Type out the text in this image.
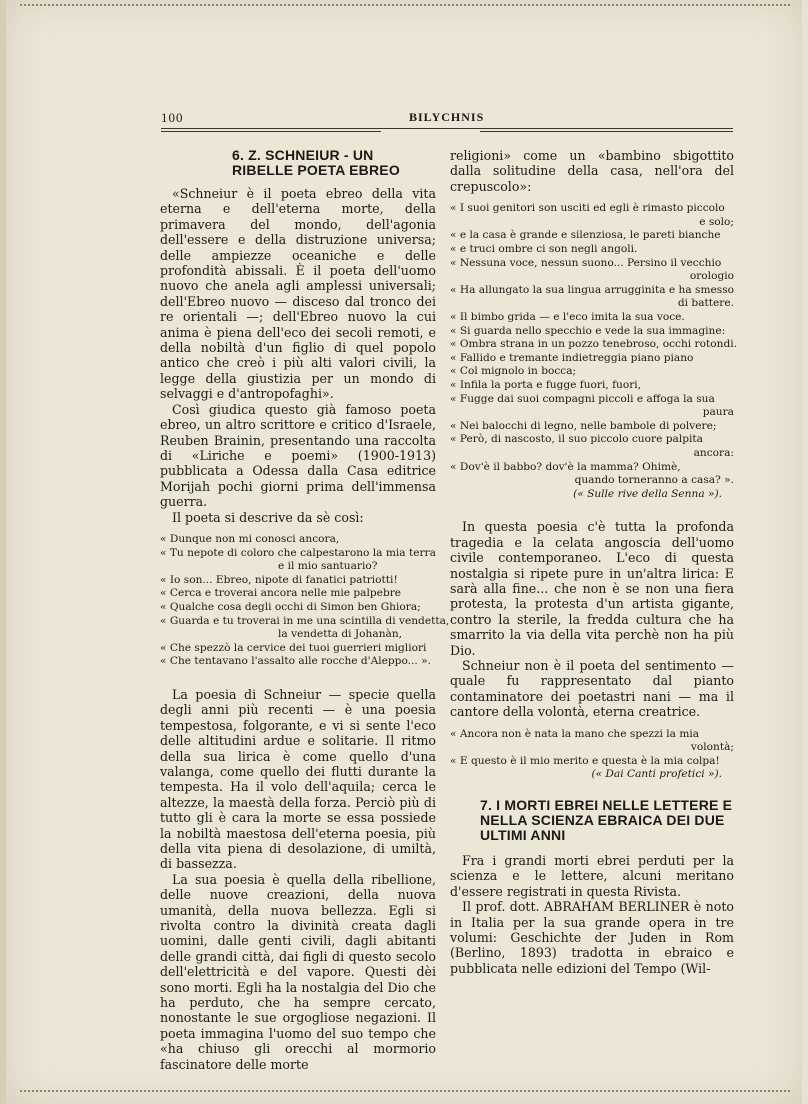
100	BILYCHNIS
6. Z. SCHNEIUR - UN RIBELLE POETA EBREO

«Schneiur è il poeta ebreo della vita eterna e dell'eterna morte, della primavera del mondo, dell'agonia dell'essere e della distruzione universa; delle ampiezze oceaniche e delle profondità abissali. È il poeta dell'uomo nuovo che anela agli amplessi universali; dell'Ebreo nuovo — disceso dal tronco dei re orientali —; dell'Ebreo nuovo la cui anima è piena dell'eco dei secoli remoti, e della nobiltà d'un figlio di quel popolo antico che creò i più alti valori civili, la legge della giustizia per un mondo di selvaggi e d'antropofaghi».

Così giudica questo già famoso poeta ebreo, un altro scrittore e critico d'Israele, Reuben Brainin, presentando una raccolta di «Liriche e poemi» (1900-1913) pubblicata a Odessa dalla Casa editrice Morijah pochi giorni prima dell'immensa guerra.

Il poeta si descrive da sè così:

« Dunque non mi conosci ancora,
« Tu nepote di coloro che calpestarono la mia terra
e il mio santuario?
« Io son... Ebreo, nipote di fanatici patriotti!
« Cerca e troverai ancora nelle mie palpebre
« Qualche cosa degli occhi di Simon ben Ghiora;
« Guarda e tu troverai in me una scintilla di vendetta,
la vendetta di Johanàn,
« Che spezzò la cervice dei tuoi guerrieri migliori
« Che tentavano l'assalto alle rocche d'Aleppo... ».

La poesia di Schneiur — specie quella degli anni più recenti — è una poesia tempestosa, folgorante, e vi si sente l'eco delle altitudini ardue e solitarie. Il ritmo della sua lirica è come quello d'una valanga, come quello dei flutti durante la tempesta. Ha il volo dell'aquila; cerca le altezze, la maestà della forza. Perciò più di tutto gli è cara la morte se essa possiede la nobiltà maestosa dell'eterna poesia, più della vita piena di desolazione, di umiltà, di bassezza.

La sua poesia è quella della ribellione, delle nuove creazioni, della nuova umanità, della nuova bellezza. Egli si rivolta contro la divinità creata dagli uomini, dalle genti civili, dagli abitanti delle grandi città, dai figli di questo secolo dell'elettricità e del vapore. Questi dèi sono morti. Egli ha la nostalgia del Dio che ha perduto, che ha sempre cercato, nonostante le sue orgogliose negazioni. Il poeta immagina l'uomo del suo tempo che «ha chiuso gli orecchi al mormorio fascinatore delle morte

religioni» come un «bambino sbigottito dalla solitudine della casa, nell'ora del crepuscolo»:

« I suoi genitori son usciti ed egli è rimasto piccolo
e solo;
« e la casa è grande e silenziosa, le pareti bianche
« e truci ombre ci son negli angoli.
« Nessuna voce, nessun suono... Persino il vecchio
orologio
« Ha allungato la sua lingua arrugginita e ha smesso
di battere.
« Il bimbo grida — e l'eco imita la sua voce.
« Si guarda nello specchio e vede la sua immagine:
« Ombra strana in un pozzo tenebroso, occhi rotondi.
« Fallido e tremante indietreggia piano piano
« Col mignolo in bocca;
« Infila la porta e fugge fuori, fuori,
« Fugge dai suoi compagni piccoli e affoga la sua
paura
« Nei balocchi di legno, nelle bambole di polvere;
« Però, di nascosto, il suo piccolo cuore palpita
ancora:
« Dov'è il babbo? dov'è la mamma? Ohimè,
quando torneranno a casa? ».
(« Sulle rive della Senna »).

In questa poesia c'è tutta la profonda tragedia e la celata angoscia dell'uomo civile contemporaneo. L'eco di questa nostalgia si ripete pure in un'altra lirica: E sarà alla fine... che non è se non una fiera protesta, la protesta d'un artista gigante, contro la sterile, la fredda cultura che ha smarrito la via della vita perchè non ha più Dio.

Schneiur non è il poeta del sentimento — quale fu rappresentato dal pianto contaminatore dei poetastri nani — ma il cantore della volontà, eterna creatrice.

« Ancora non è nata la mano che spezzi la mia
volontà;
« E questo è il mio merito e questa è la mia colpa!
(« Dai Canti profetici »).
7. I MORTI EBREI NELLE LETTERE E NELLA SCIENZA EBRAICA DEI DUE ULTIMI ANNI

Fra i grandi morti ebrei perduti per la scienza e le lettere, alcuni meritano d'essere registrati in questa Rivista.

Il prof. dott. ABRAHAM BERLINER è noto in Italia per la sua grande opera in tre volumi: Geschichte der Juden in Rom (Berlino, 1893) tradotta in ebraico e pubblicata nelle edizioni del Tempo (Wil-
